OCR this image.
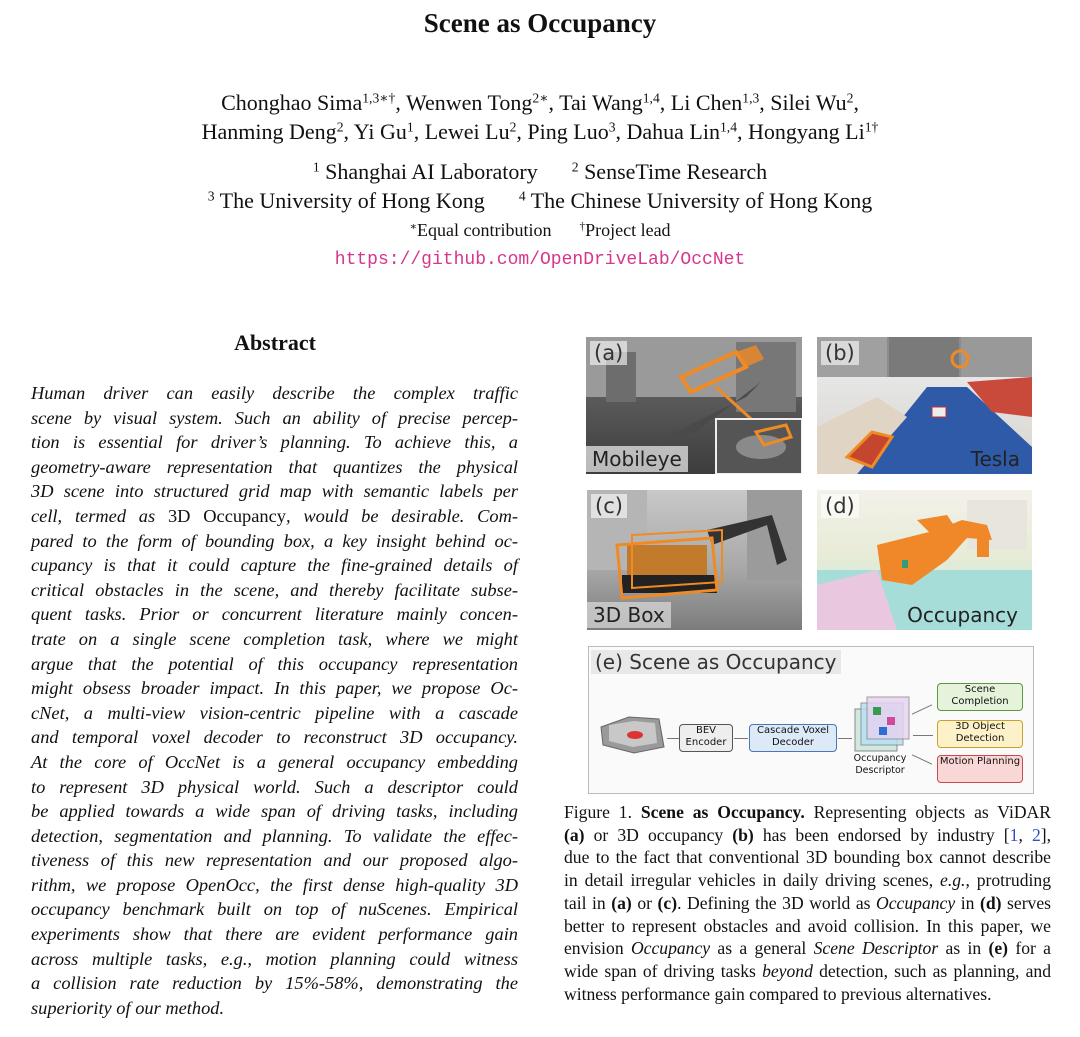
Scene as Occupancy
Chonghao Sima$^{1,3∗\dagger}$, Wenwen Tong$^{2∗}$, Tai Wang$^{1,4}$, Li Chen$^{1,3}$, Silei Wu$^2$,
Hanming Deng$^2$, Yi Gu$^1$, Lewei Lu$^2$, Ping Luo$^3$, Dahua Lin$^{1,4}$, Hongyang $Li^{1\dagger}$
$^1$ Shanghai AI Laboratory $^2$ SenseTime Research
$^3$ The University of Hong Kong $^4$ The Chinese University of Hong Kong
∗Equal contribution	†Project lead
https://github.com/OpenDriveLab/OccNet
Abstract
Human driver can easily describe the complex traffic
scene by visual system. Such an ability of precise percep-
tion is essential for driver’s planning. To achieve this, a
geometry-aware representation that quantizes the physical
3D scene into structured grid map with semantic labels per
cell, termed as 3D Occupancy, would be desirable. Com-
pared to the form of bounding box, a key insight behind oc-
cupancy is that it could capture the fine-grained details of
critical obstacles in the scene, and thereby facilitate subse-
quent tasks. Prior or concurrent literature mainly concen-
trate on a single scene completion task, where we might
argue that the potential of this occupancy representation
might obsess broader impact. In this paper, we propose Oc-
cNet, a multi-view vision-centric pipeline with a cascade
and temporal voxel decoder to reconstruct 3D occupancy.
At the core of OccNet is a general occupancy embedding
to represent 3D physical world. Such a descriptor could
be applied towards a wide span of driving tasks, including
detection, segmentation and planning. To validate the effec-
tiveness of this new representation and our proposed algo-
rithm, we propose OpenOcc, the first dense high-quality 3D
occupancy benchmark built on top of nuScenes. Empirical
experiments show that there are evident performance gain
across multiple tasks, e.g., motion planning could witness
a collision rate reduction by 15%-58%, demonstrating the
superiority of our method.
(a)
Mobileye
(b)
Tesla
(c)
3D Box
(d)
Occupancy
(e) Scene as Occupancy
BEV Encoder
Cascade Voxel Decoder
Occupancy Descriptor
Scene Completion
3D Object Detection
Motion Planning
Figure 1. Scene as Occupancy. Representing objects as ViDAR
(a) or 3D occupancy (b) has been endorsed by industry [1, 2],
due to the fact that conventional 3D bounding box cannot describe
in detail irregular vehicles in daily driving scenes, e.g., protruding
tail in (a) or (c). Defining the 3D world as Occupancy in (d) serves
better to represent obstacles and avoid collision. In this paper, we
envision Occupancy as a general Scene Descriptor as in (e) for a
wide span of driving tasks beyond detection, such as planning, and
witness performance gain compared to previous alternatives.
